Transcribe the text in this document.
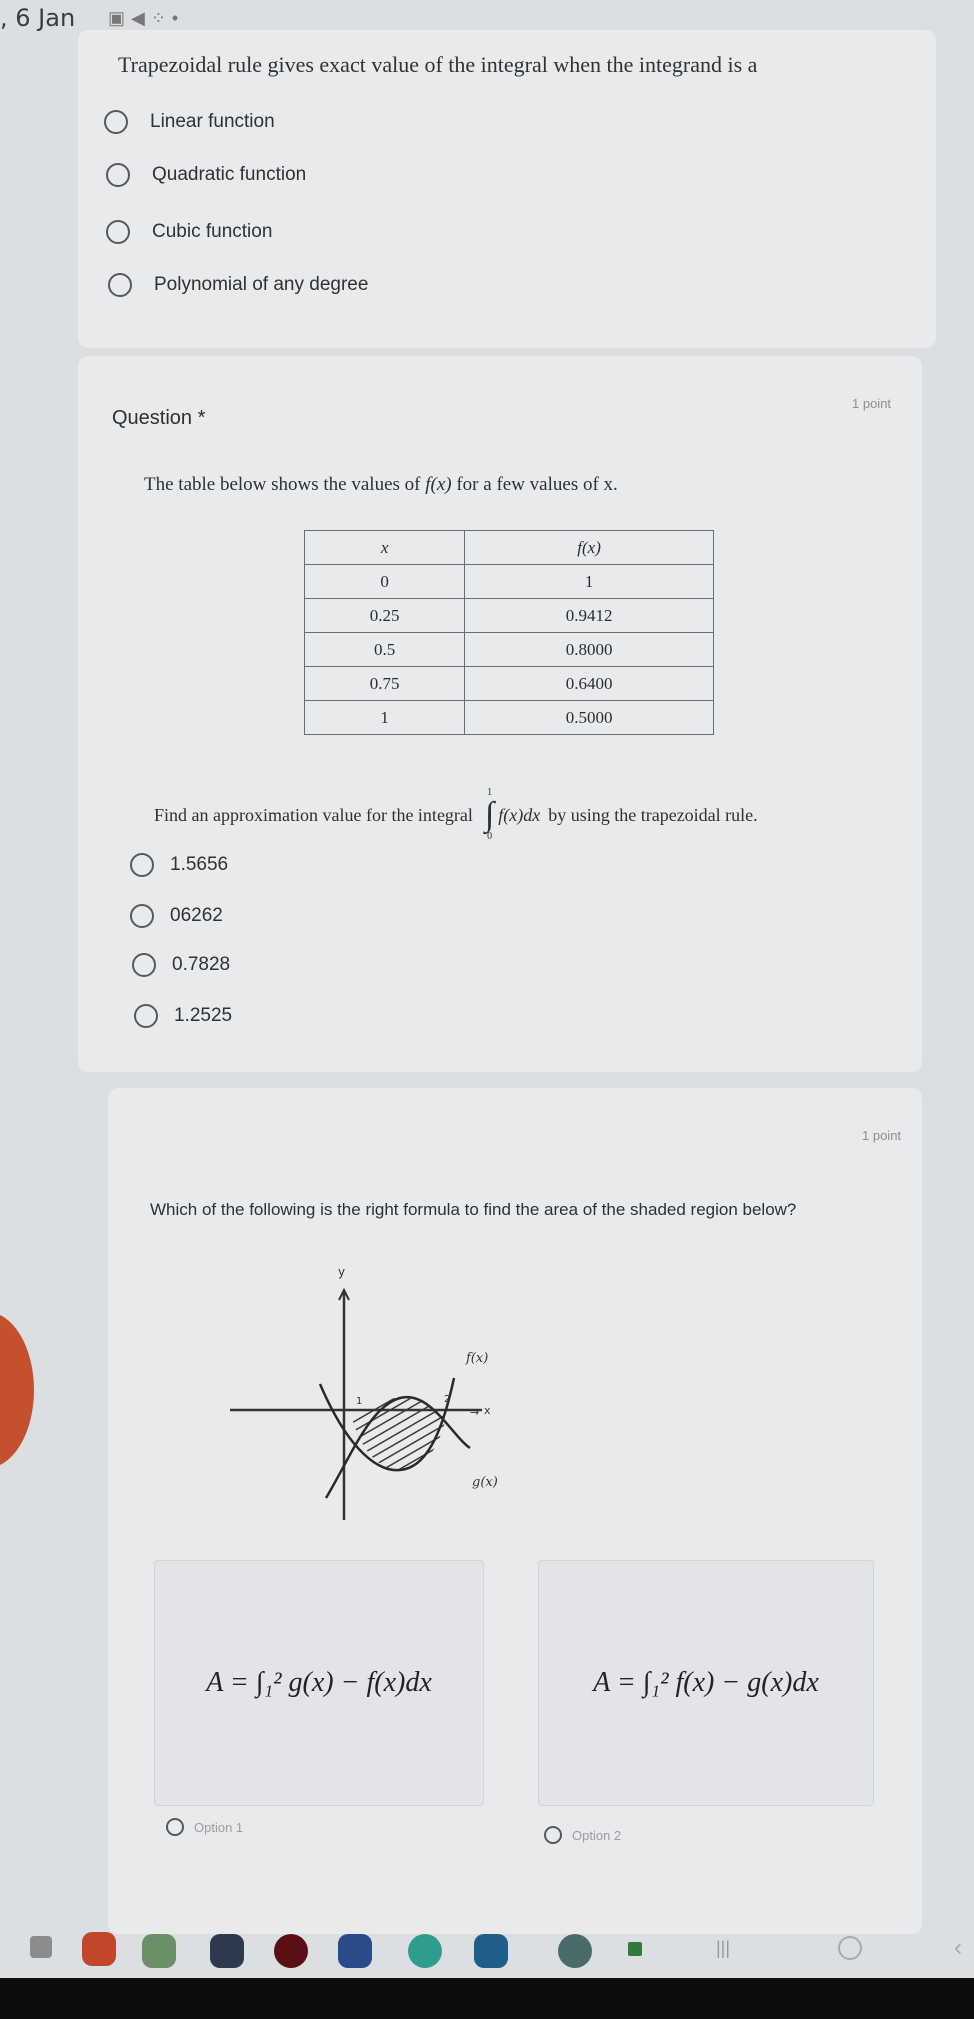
, 6 Jan ▣◀︎⁘•
Trapezoidal rule gives exact value of the integral when the integrand is a
Linear function
Quadratic function
Cubic function
Polynomial of any degree
Question *
1 point
The table below shows the values of f(x) for a few values of x.
x	f(x)
0	1
0.25	0.9412
0.5	0.8000
0.75	0.6400
1	0.5000
Find an approximation value for the integral
1
∫
0
f(x)dx by using the trapezoidal rule.
1.5656
06262
0.7828
1.2525
1 point
Which of the following is the right formula to find the area of the shaded region below?
y
→ x
1	2
f(x)
g(x)
A = ∫₁² g(x) − f(x)dx	A = ∫₁² f(x) − g(x)dx
Option 1
Option 2
|||	‹
